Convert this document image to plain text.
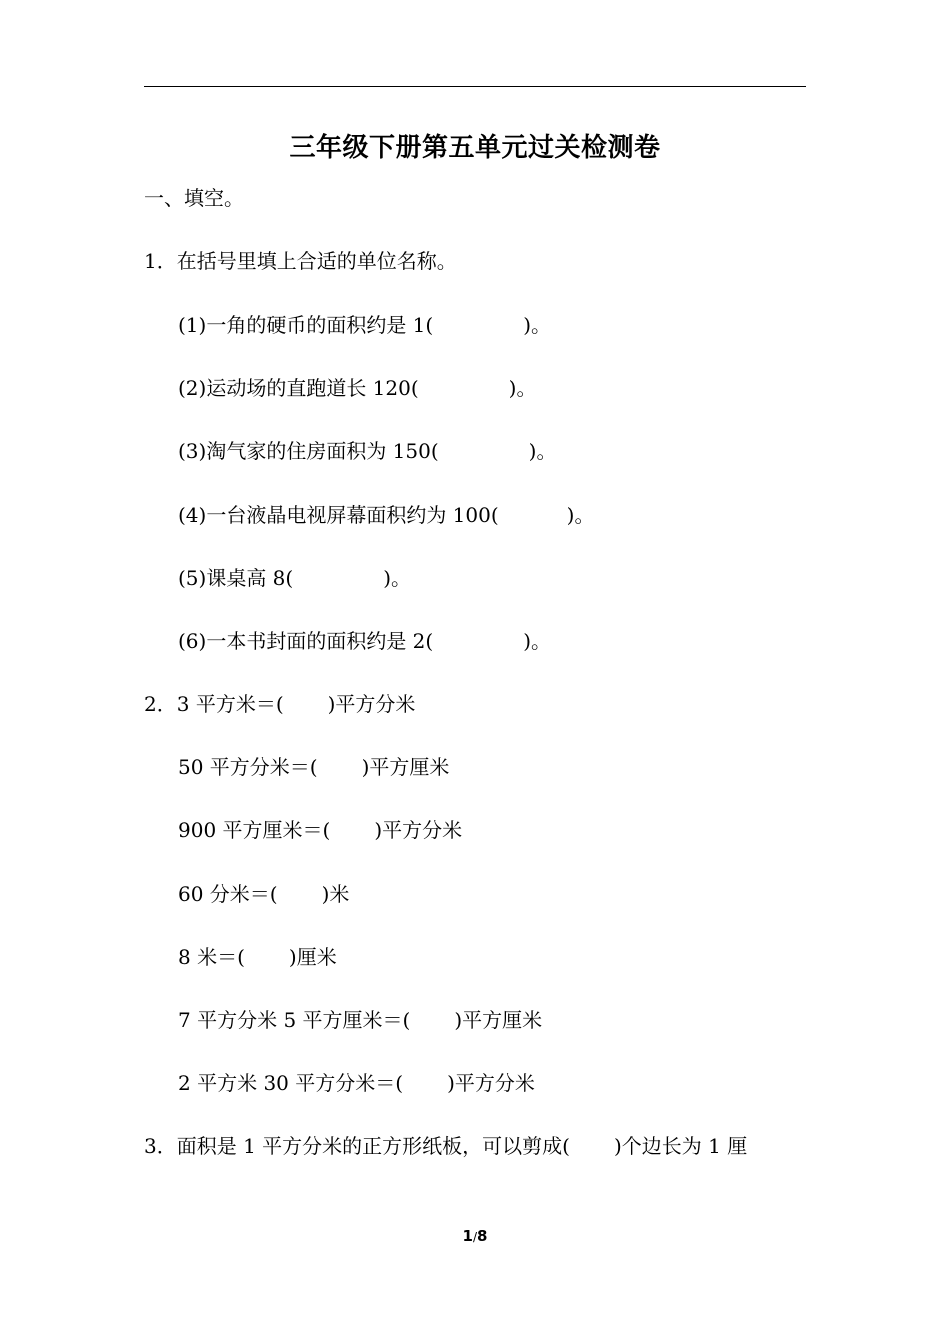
三年级下册第五单元过关检测卷
一、填空。
1．在括号里填上合适的单位名称。
(1)一角的硬币的面积约是 1(	)。
(2)运动场的直跑道长 120(	)。
(3)淘气家的住房面积为 150(	)。
(4)一台液晶电视屏幕面积约为 100(	)。
(5)课桌高 8(	)。
(6)一本书封面的面积约是 2(	)。
2．3 平方米＝( )平方分米
50 平方分米＝( )平方厘米
900 平方厘米＝( )平方分米
60 分米＝( )米
8 米＝( )厘米
7 平方分米 5 平方厘米＝( )平方厘米
2 平方米 30 平方分米＝( )平方分米
3．面积是 1 平方分米的正方形纸板，可以剪成( )个边长为 1 厘
1/8
